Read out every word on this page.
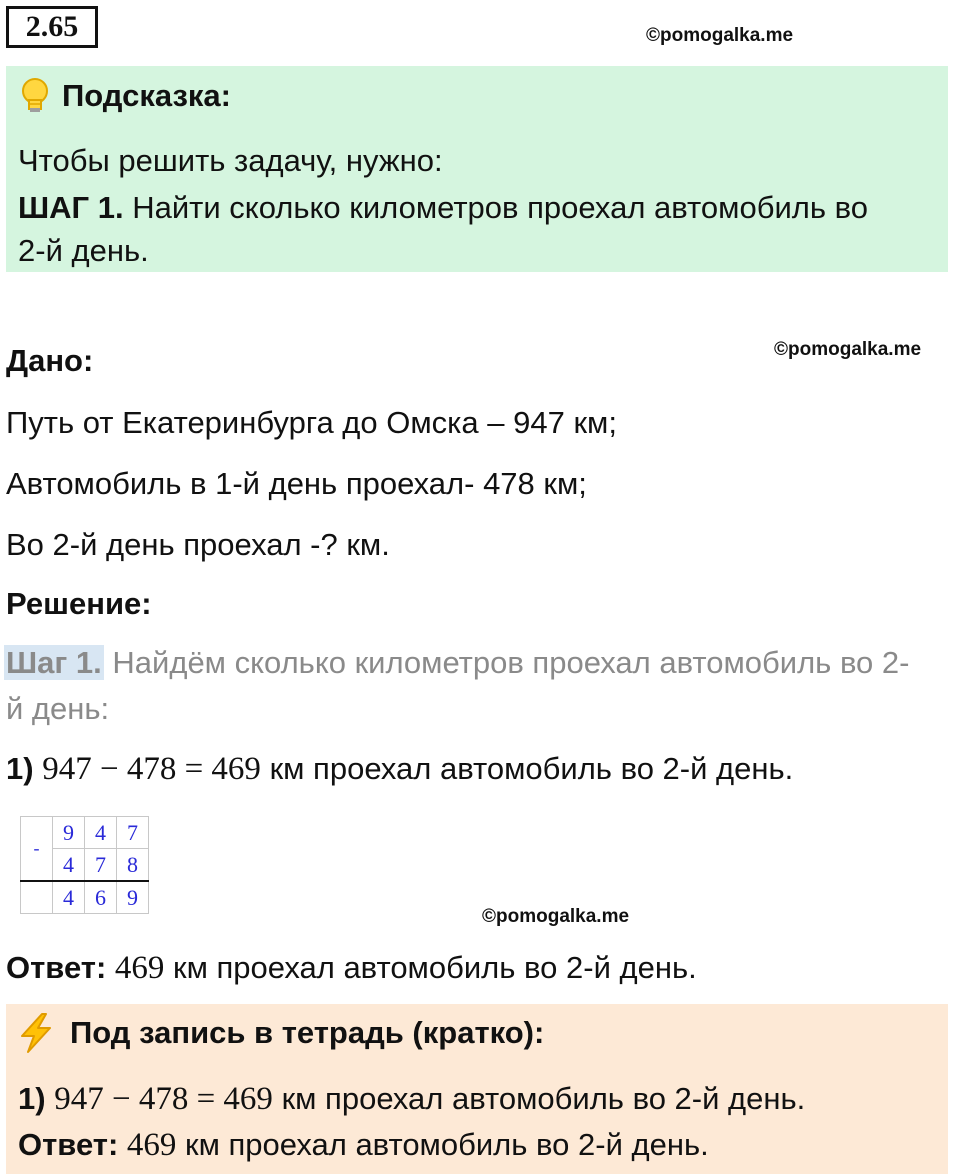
2.65	©pomogalka.me
Подсказка:
Чтобы решить задачу, нужно:
ШАГ 1. Найти сколько километров проехал автомобиль во
2-й день.
Дано:	©pomogalka.me
Путь от Екатеринбурга до Омска – 947 км;
Автомобиль в 1-й день проехал- 478 км;
Во 2-й день проехал -? км.
Решение:
Шаг 1. Найдём сколько километров проехал автомобиль во 2-
й день:
1) 947 − 478 = 469 км проехал автомобиль во 2-й день.
-	9	4	7
	4	7	8
	4	6	9
©pomogalka.me
Ответ: 469 км проехал автомобиль во 2-й день.
Под запись в тетрадь (кратко):
1) 947 − 478 = 469 км проехал автомобиль во 2-й день.
Ответ: 469 км проехал автомобиль во 2-й день.
